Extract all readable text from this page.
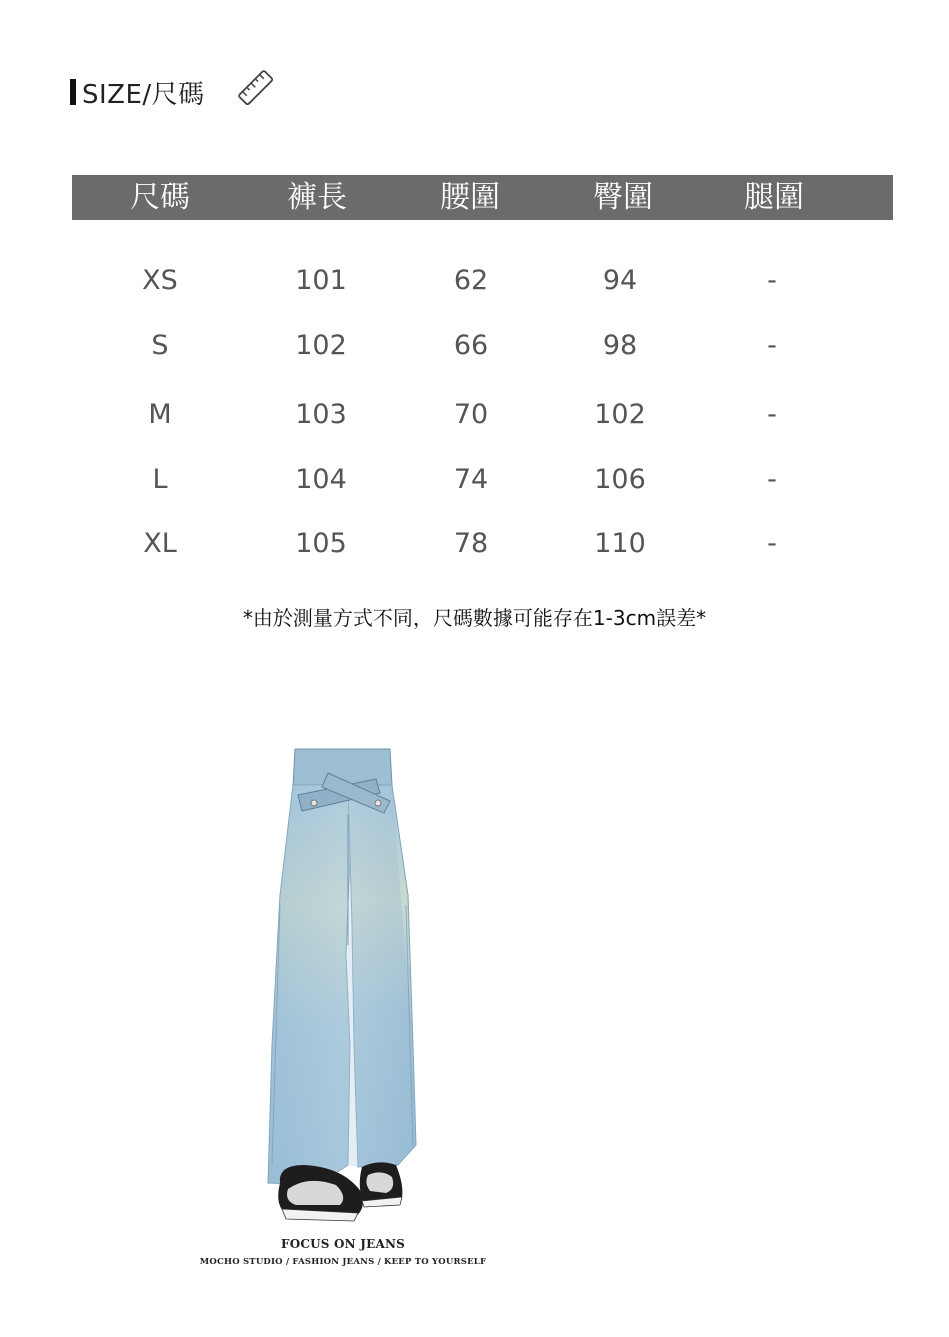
SIZE/尺碼
尺碼	褲長	腰圍	臀圍	腿圍
XS	101	62	94	-
S	102	66	98	-
M	103	70	102	-
L	104	74	106	-
XL	105	78	110	-
*由於測量方式不同，尺碼數據可能存在1-3cm誤差*
FOCUS ON JEANS
MOCHO STUDIO / FASHION JEANS / KEEP TO YOURSELF
